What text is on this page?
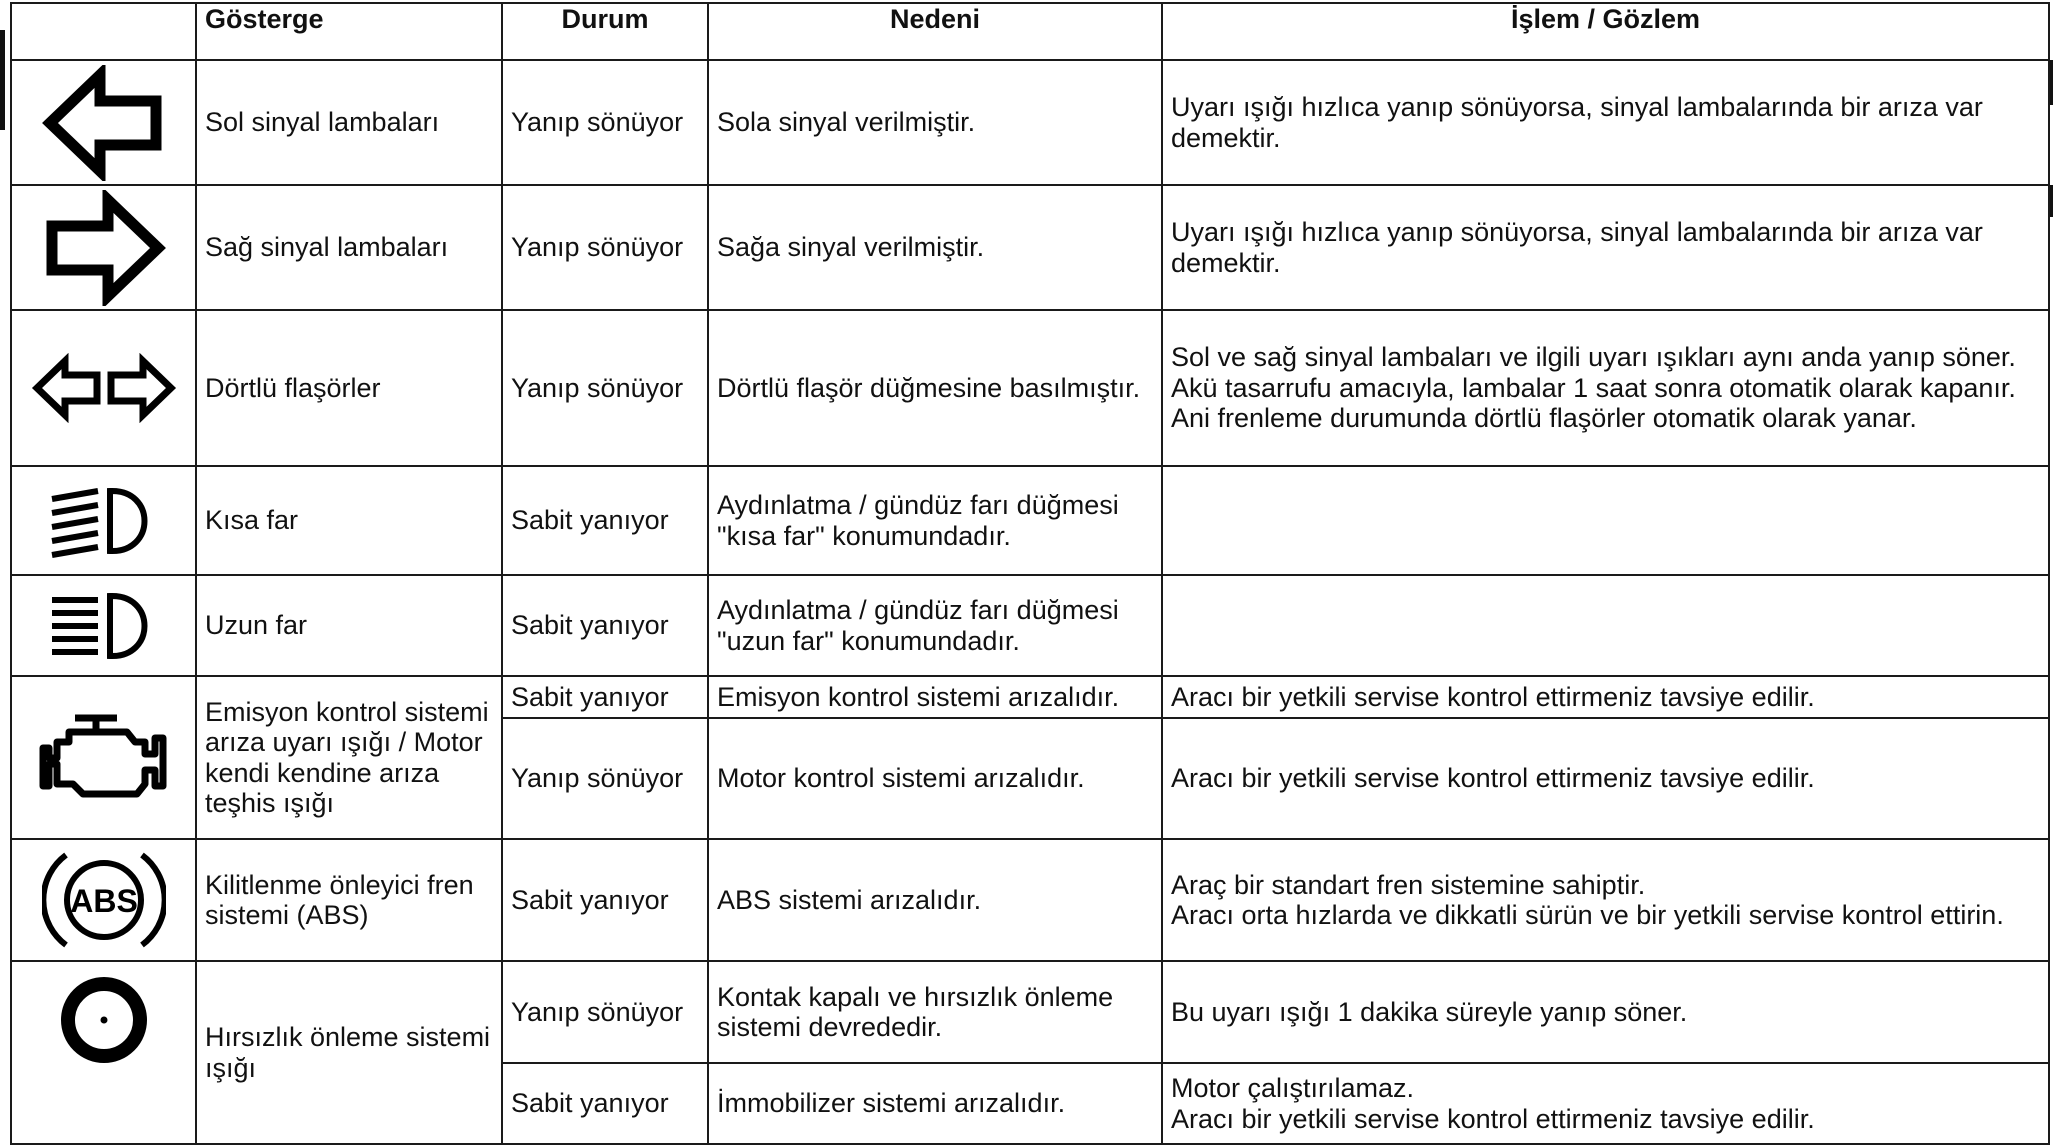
	Gösterge	Durum	Nedeni	İşlem / Gözlem

	Sol sinyal lambaları	Yanıp sönüyor	Sola sinyal verilmiştir.	Uyarı ışığı hızlıca yanıp sönüyorsa, sinyal lambalarında bir arıza var demektir.

	Sağ sinyal lambaları	Yanıp sönüyor	Sağa sinyal verilmiştir.	Uyarı ışığı hızlıca yanıp sönüyorsa, sinyal lambalarında bir arıza var demektir.

	Dörtlü flaşörler	Yanıp sönüyor	Dörtlü flaşör düğmesine basılmıştır.	Sol ve sağ sinyal lambaları ve ilgili uyarı ışıkları aynı anda yanıp söner.
Akü tasarrufu amacıyla, lambalar 1 saat sonra otomatik olarak kapanır.
Ani frenleme durumunda dörtlü flaşörler otomatik olarak yanar.

	Kısa far	Sabit yanıyor	Aydınlatma / gündüz farı düğmesi "kısa far" konumundadır.	

	Uzun far	Sabit yanıyor	Aydınlatma / gündüz farı düğmesi "uzun far" konumundadır.	

	Emisyon kontrol sistemi arıza uyarı ışığı / Motor kendi kendine arıza teşhis ışığı	Sabit yanıyor	Emisyon kontrol sistemi arızalıdır.	Aracı bir yetkili servise kontrol ettirmeniz tavsiye edilir.
		Yanıp sönüyor	Motor kontrol sistemi arızalıdır.	Aracı bir yetkili servise kontrol ettirmeniz tavsiye edilir.

ABS	Kilitlenme önleyici fren sistemi (ABS)	Sabit yanıyor	ABS sistemi arızalıdır.	Araç bir standart fren sistemine sahiptir.
Aracı orta hızlarda ve dikkatli sürün ve bir yetkili servise kontrol ettirin.

	Hırsızlık önleme sistemi ışığı	Yanıp sönüyor	Kontak kapalı ve hırsızlık önleme sistemi devrededir.	Bu uyarı ışığı 1 dakika süreyle yanıp söner.
		Sabit yanıyor	İmmobilizer sistemi arızalıdır.	Motor çalıştırılamaz.
Aracı bir yetkili servise kontrol ettirmeniz tavsiye edilir.
